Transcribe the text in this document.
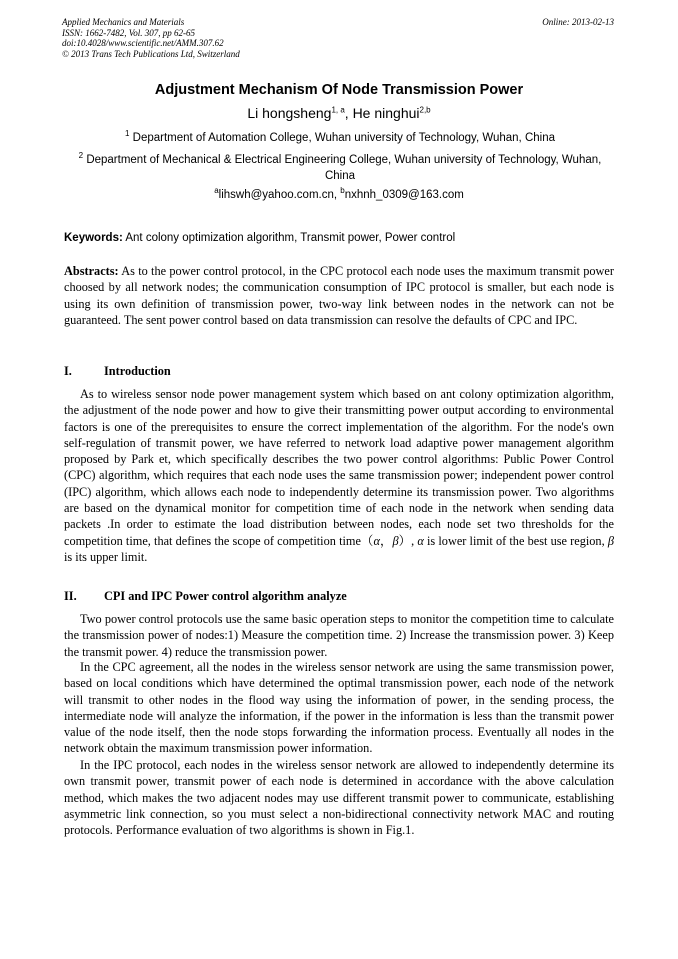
Applied Mechanics and Materials
ISSN: 1662-7482, Vol. 307, pp 62-65
doi:10.4028/www.scientific.net/AMM.307.62
© 2013 Trans Tech Publications Ltd, Switzerland
Online: 2013-02-13
Adjustment Mechanism Of Node Transmission Power
Li hongsheng$^{1, a}$, He ninghui$^{2,b}$
$^1$ Department of Automation College, Wuhan university of Technology, Wuhan, China
$^2$ Department of Mechanical & Electrical Engineering College, Wuhan university of Technology, Wuhan, China
$^a$lihswh@yahoo.com.cn, $^b$nxhnh_0309@163.com
Keywords: Ant colony optimization algorithm, Transmit power, Power control

Abstracts: As to the power control protocol, in the CPC protocol each node uses the maximum transmit power choosed by all network nodes; the communication consumption of IPC protocol is smaller, but each node is using its own definition of transmission power, two-way link between nodes in the network can not be guaranteed. The sent power control based on data transmission can resolve the defaults of CPC and IPC.

I.	Introduction

As to wireless sensor node power management system which based on ant colony optimization algorithm, the adjustment of the node power and how to give their transmitting power output according to environmental factors is one of the prerequisites to ensure the correct implementation of the algorithm. For the node's own self-regulation of transmit power, we have referred to network load adaptive power management algorithm proposed by Park et, which specifically describes the two power control algorithms: Public Power Control (CPC) algorithm, which requires that each node uses the same transmission power; independent power control (IPC) algorithm, which allows each node to independently determine its transmission power. Two algorithms are based on the dynamical monitor for competition time of each node in the network when sending data packets .In order to estimate the load distribution between nodes, each node set two thresholds for the competition time, that defines the scope of competition time（α，β）, α is lower limit of the best use region, β is its upper limit.

II. CPI and IPC Power control algorithm analyze

Two power control protocols use the same basic operation steps to monitor the competition time to calculate the transmission power of nodes:1) Measure the competition time. 2) Increase the transmission power. 3) Keep the transmit power. 4) reduce the transmission power.

In the CPC agreement, all the nodes in the wireless sensor network are using the same transmission power, based on local conditions which have determined the optimal transmission power, each node of the network will transmit to other nodes in the flood way using the information of power, in the sending process, the intermediate node will analyze the information, if the power in the information is less than the transmit power value of the node itself, then the node stops forwarding the information process. Eventually all nodes in the network obtain the maximum transmission power information.

In the IPC protocol, each nodes in the wireless sensor network are allowed to independently determine its own transmit power, transmit power of each node is determined in accordance with the above calculation method, which makes the two adjacent nodes may use different transmit power to communicate, establishing asymmetric link connection, so you must select a non-bidirectional connectivity network MAC and routing protocols. Performance evaluation of two algorithms is shown in Fig.1.
